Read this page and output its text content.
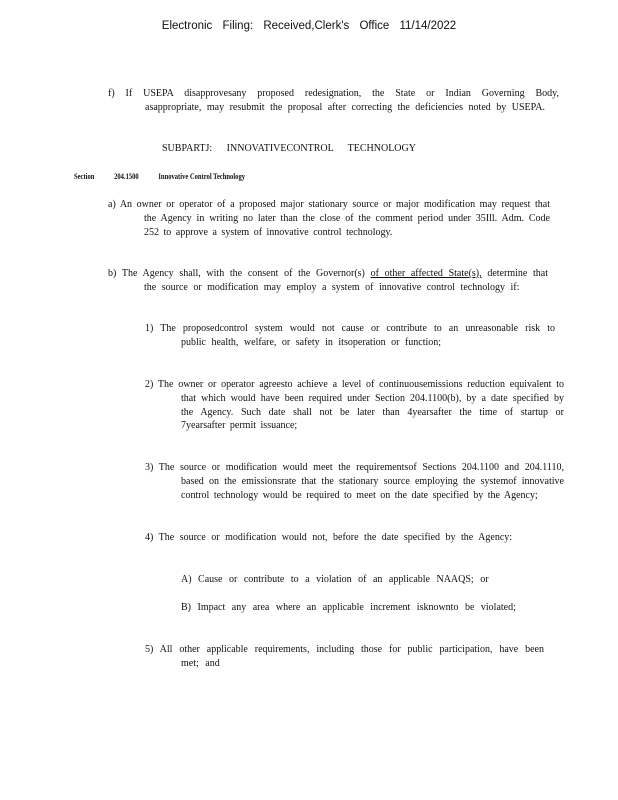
Electronic Filing: Received,Clerk's Office 11/14/2022
f) If USEPA disapprovesany proposed redesignation, the State or Indian Governing Body, asappropriate, may resubmit the proposal after correcting the deficiencies noted by USEPA.
SUBPARTJ: INNOVATIVECONTROL TECHNOLOGY
Section 204.1500 Innovative Control Technology
a) An owner or operator of a proposed major stationary source or major modification may request that the Agency in writing no later than the close of the comment period under 35Ill. Adm. Code 252 to approve a system of innovative control technology.
b) The Agency shall, with the consent of the Governor(s) of other affected State(s), determine that the source or modification may employ a system of innovative control technology if:
1) The proposedcontrol system would not cause or contribute to an unreasonable risk to public health, welfare, or safety in itsoperation or function;
2) The owner or operator agreesto achieve a level of continuousemissions reduction equivalent to that which would have been required under Section 204.1100(b), by a date specified by the Agency. Such date shall not be later than 4yearsafter the time of startup or 7yearsafter permit issuance;
3) The source or modification would meet the requirementsof Sections 204.1100 and 204.1110, based on the emissionsrate that the stationary source employing the systemof innovative control technology would be required to meet on the date specified by the Agency;
4) The source or modification would not, before the date specified by the Agency:
A) Cause or contribute to a violation of an applicable NAAQS; or
B) Impact any area where an applicable increment isknownto be violated;
5) All other applicable requirements, including those for public participation, have been met; and
